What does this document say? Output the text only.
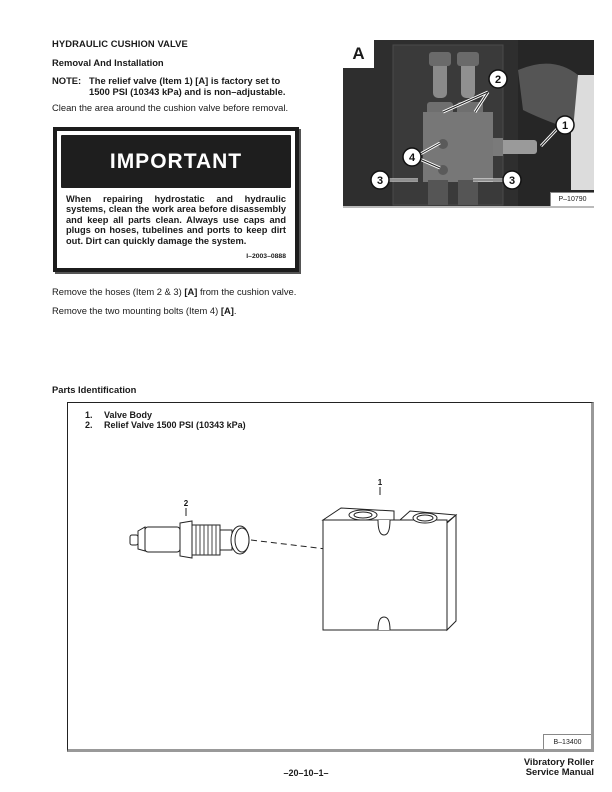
HYDRAULIC CUSHION VALVE
Removal And Installation
NOTE: The relief valve (Item 1) [A] is factory set to
1500 PSI (10343 kPa) and is non–adjustable.
Clean the area around the cushion valve before removal.
IMPORTANT
When repairing hydrostatic and hydraulic systems, clean the work area before disassembly and keep all parts clean. Always use caps and plugs on hoses, tubelines and ports to keep dirt out. Dirt can quickly damage the system.
I–2003–0888
Remove the hoses (Item 2 & 3) [A] from the cushion valve.
Remove the two mounting bolts (Item 4) [A].
2
1
4
3	3
A
P–10790
Parts Identification
2
1
1. Valve Body
2. Relief Valve 1500 PSI (10343 kPa)
B–13400
–20–10–1–
Vibratory Roller
Service Manual
